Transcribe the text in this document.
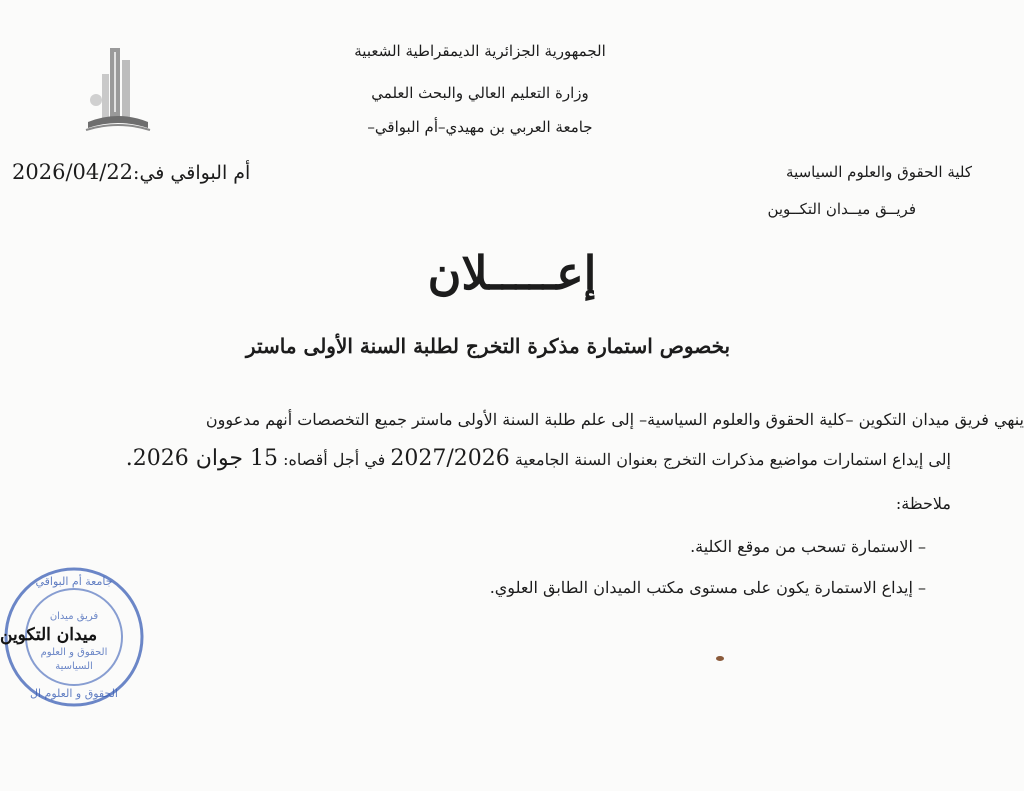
الجمهورية الجزائرية الديمقراطية الشعبية
وزارة التعليم العالي والبحث العلمي
جامعة العربي بن مهيدي–أم البواقي–
أم البواقي في:2026/04/22	كلية الحقوق والعلوم السياسية
فريــق ميــدان التكــوين
إعـــــلان
بخصوص استمارة مذكرة التخرج لطلبة السنة الأولى ماستر
ينهي فريق ميدان التكوين –كلية الحقوق والعلوم السياسية– إلى علم طلبة السنة الأولى ماستر جميع التخصصات أنهم مدعوون
إلى إيداع استمارات مواضيع مذكرات التخرج بعنوان السنة الجامعية 2027/2026 في أجل أقصاه: 15 جوان 2026.
ملاحظة:
– الاستمارة تسحب من موقع الكلية.
– إيداع الاستمارة يكون على مستوى مكتب الميدان الطابق العلوي.
جامعة أم البواقي
فريق ميدان
الحقوق و العلوم
السياسية
الحقوق و العلوم ال
ميدان التكوين
